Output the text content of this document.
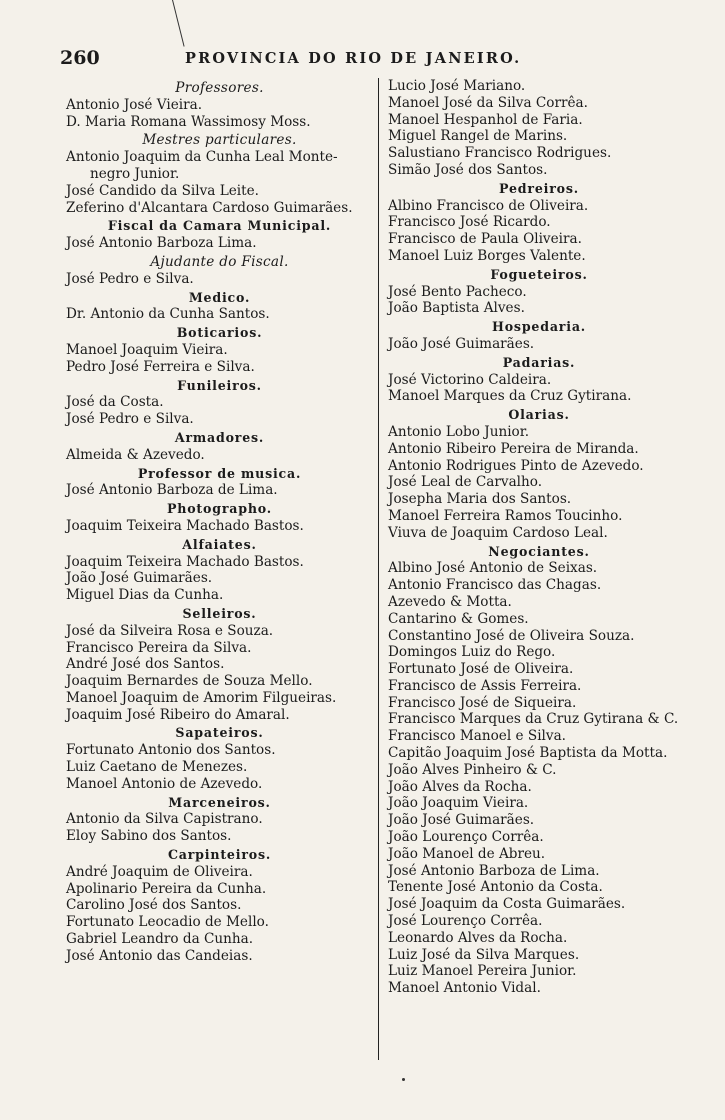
260	PROVINCIA DO RIO DE JANEIRO.
Professores.
Antonio José Vieira.
D. Maria Romana Wassimosy Moss.
Mestres particulares.
Antonio Joaquim da Cunha Leal Monte-
negro Junior.
José Candido da Silva Leite.
Zeferino d'Alcantara Cardoso Guimarães.
Fiscal da Camara Municipal.
José Antonio Barboza Lima.
Ajudante do Fiscal.
José Pedro e Silva.
Medico.
Dr. Antonio da Cunha Santos.
Boticarios.
Manoel Joaquim Vieira.
Pedro José Ferreira e Silva.
Funileiros.
José da Costa.
José Pedro e Silva.
Armadores.
Almeida & Azevedo.
Professor de musica.
José Antonio Barboza de Lima.
Photographo.
Joaquim Teixeira Machado Bastos.
Alfaiates.
Joaquim Teixeira Machado Bastos.
João José Guimarães.
Miguel Dias da Cunha.
Selleiros.
José da Silveira Rosa e Souza.
Francisco Pereira da Silva.
André José dos Santos.
Joaquim Bernardes de Souza Mello.
Manoel Joaquim de Amorim Filgueiras.
Joaquim José Ribeiro do Amaral.
Sapateiros.
Fortunato Antonio dos Santos.
Luiz Caetano de Menezes.
Manoel Antonio de Azevedo.
Marceneiros.
Antonio da Silva Capistrano.
Eloy Sabino dos Santos.
Carpinteiros.
André Joaquim de Oliveira.
Apolinario Pereira da Cunha.
Carolino José dos Santos.
Fortunato Leocadio de Mello.
Gabriel Leandro da Cunha.
José Antonio das Candeias.
Lucio José Mariano.
Manoel José da Silva Corrêa.
Manoel Hespanhol de Faria.
Miguel Rangel de Marins.
Salustiano Francisco Rodrigues.
Simão José dos Santos.
Pedreiros.
Albino Francisco de Oliveira.
Francisco José Ricardo.
Francisco de Paula Oliveira.
Manoel Luiz Borges Valente.
Fogueteiros.
José Bento Pacheco.
João Baptista Alves.
Hospedaria.
João José Guimarães.
Padarias.
José Victorino Caldeira.
Manoel Marques da Cruz Gytirana.
Olarias.
Antonio Lobo Junior.
Antonio Ribeiro Pereira de Miranda.
Antonio Rodrigues Pinto de Azevedo.
José Leal de Carvalho.
Josepha Maria dos Santos.
Manoel Ferreira Ramos Toucinho.
Viuva de Joaquim Cardoso Leal.
Negociantes.
Albino José Antonio de Seixas.
Antonio Francisco das Chagas.
Azevedo & Motta.
Cantarino & Gomes.
Constantino José de Oliveira Souza.
Domingos Luiz do Rego.
Fortunato José de Oliveira.
Francisco de Assis Ferreira.
Francisco José de Siqueira.
Francisco Marques da Cruz Gytirana & C.
Francisco Manoel e Silva.
Capitão Joaquim José Baptista da Motta.
João Alves Pinheiro & C.
João Alves da Rocha.
João Joaquim Vieira.
João José Guimarães.
João Lourenço Corrêa.
João Manoel de Abreu.
José Antonio Barboza de Lima.
Tenente José Antonio da Costa.
José Joaquim da Costa Guimarães.
José Lourenço Corrêa.
Leonardo Alves da Rocha.
Luiz José da Silva Marques.
Luiz Manoel Pereira Junior.
Manoel Antonio Vidal.
